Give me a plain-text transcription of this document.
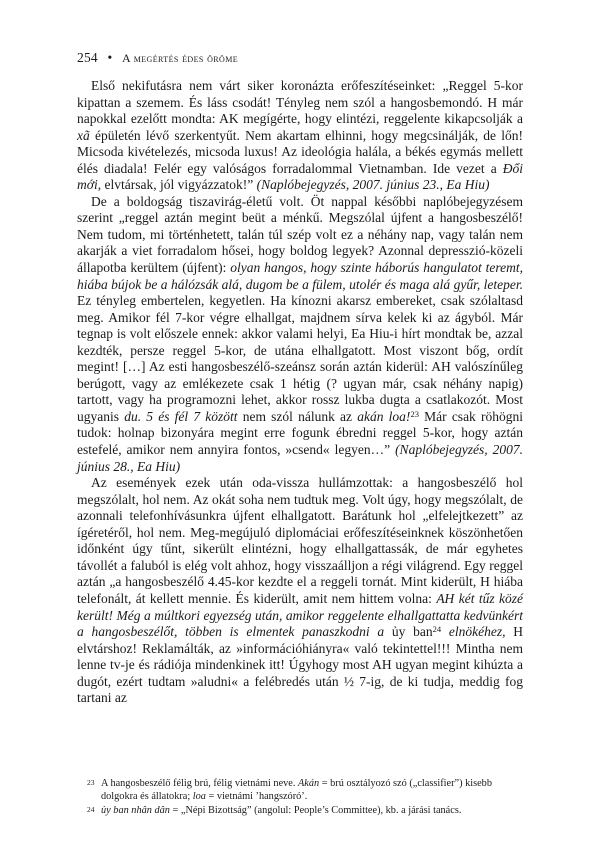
254 • A megértés édes öröme

Első nekifutásra nem várt siker koronázta erőfeszítéseinket: „Reggel 5-kor kipattan a szemem. És láss csodát! Tényleg nem szól a hangosbemondó. H már napokkal ezelőtt mondta: AK megígérte, hogy elintézi, reggelente kikapcsolják a xã épületén lévő szerkentyűt. Nem akartam elhinni, hogy megcsinálják, de lőn! Micsoda kivételezés, micsoda luxus! Az ideológia halála, a békés egymás mellett élés diadala! Felér egy valóságos forradalommal Vietnamban. Ide vezet a Đổi mới, elvtársak, jól vigyázzatok!” (Naplóbejegyzés, 2007. június 23., Ea Hiu)

De a boldogság tiszavirág-életű volt. Öt nappal későbbi naplóbejegyzésem szerint „reggel aztán megint beüt a ménkű. Megszólal újfent a hangosbeszélő! Nem tudom, mi történhetett, talán túl szép volt ez a néhány nap, vagy talán nem akarják a viet forradalom hősei, hogy boldog legyek? Azonnal depresszió-közeli állapotba kerültem (újfent): olyan hangos, hogy szinte háborús hangulatot teremt, hiába bújok be a hálózsák alá, dugom be a fülem, utolér és maga alá gyűr, leteper. Ez tényleg embertelen, kegyetlen. Ha kínozni akarsz embereket, csak szólaltasd meg. Amikor fél 7-kor végre elhallgat, majdnem sírva kelek ki az ágyból. Már tegnap is volt előszele ennek: akkor valami helyi, Ea Hiu-i hírt mondtak be, azzal kezdték, persze reggel 5-kor, de utána elhallgatott. Most viszont bőg, ordít megint! […] Az esti hangosbeszélő-szeánsz során aztán kiderül: AH valószínűleg berúgott, vagy az emlékezete csak 1 hétig (? ugyan már, csak néhány napig) tartott, vagy ha programozni lehet, akkor rossz lukba dugta a csatlakozót. Most ugyanis du. 5 és fél 7 között nem szól nálunk az akán loa!$^{23}$ Már csak röhögni tudok: holnap bizonyára megint erre fogunk ébredni reggel 5-kor, hogy aztán estefelé, amikor nem annyira fontos, »csend« legyen…” (Naplóbejegyzés, 2007. június 28., Ea Hiu)

Az események ezek után oda-vissza hullámzottak: a hangosbeszélő hol megszólalt, hol nem. Az okát soha nem tudtuk meg. Volt úgy, hogy megszólalt, de azonnali telefonhívásunkra újfent elhallgatott. Barátunk hol „elfelejtkezett” az ígéretéről, hol nem. Meg-megújuló diplomáciai erőfeszítéseinknek köszönhetően időnként úgy tűnt, sikerült elintézni, hogy elhallgattassák, de már egyhetes távollét a faluból is elég volt ahhoz, hogy visszaálljon a régi világrend. Egy reggel aztán „a hangosbeszélő 4.45-kor kezdte el a reggeli tornát. Mint kiderült, H hiába telefonált, át kellett mennie. És kiderült, amit nem hittem volna: AH két tűz közé került! Még a múltkori egyezség után, amikor reggelente elhallgattatta kedvünkért a hangosbeszélőt, többen is elmentek panaszkodni a ủy ban$^{24}$ elnökéhez, H elvtárshoz! Reklamálták, az »információhiányra« való tekintettel!!! Mintha nem lenne tv-je és rádiója mindenkinek itt! Úgyhogy most AH ugyan megint kihúzta a dugót, ezért tudtam »aludni« a felébredés után ½ 7-ig, de ki tudja, meddig fog tartani az

23 A hangosbeszélő félig brú, félig vietnámi neve. Akán = brú osztályozó szó („classifier”) kisebb dolgokra és állatokra; loa = vietnámi ’hangszóró’.
24 ủy ban nhân dân = „Népi Bizottság” (angolul: People’s Committee), kb. a járási tanács.
